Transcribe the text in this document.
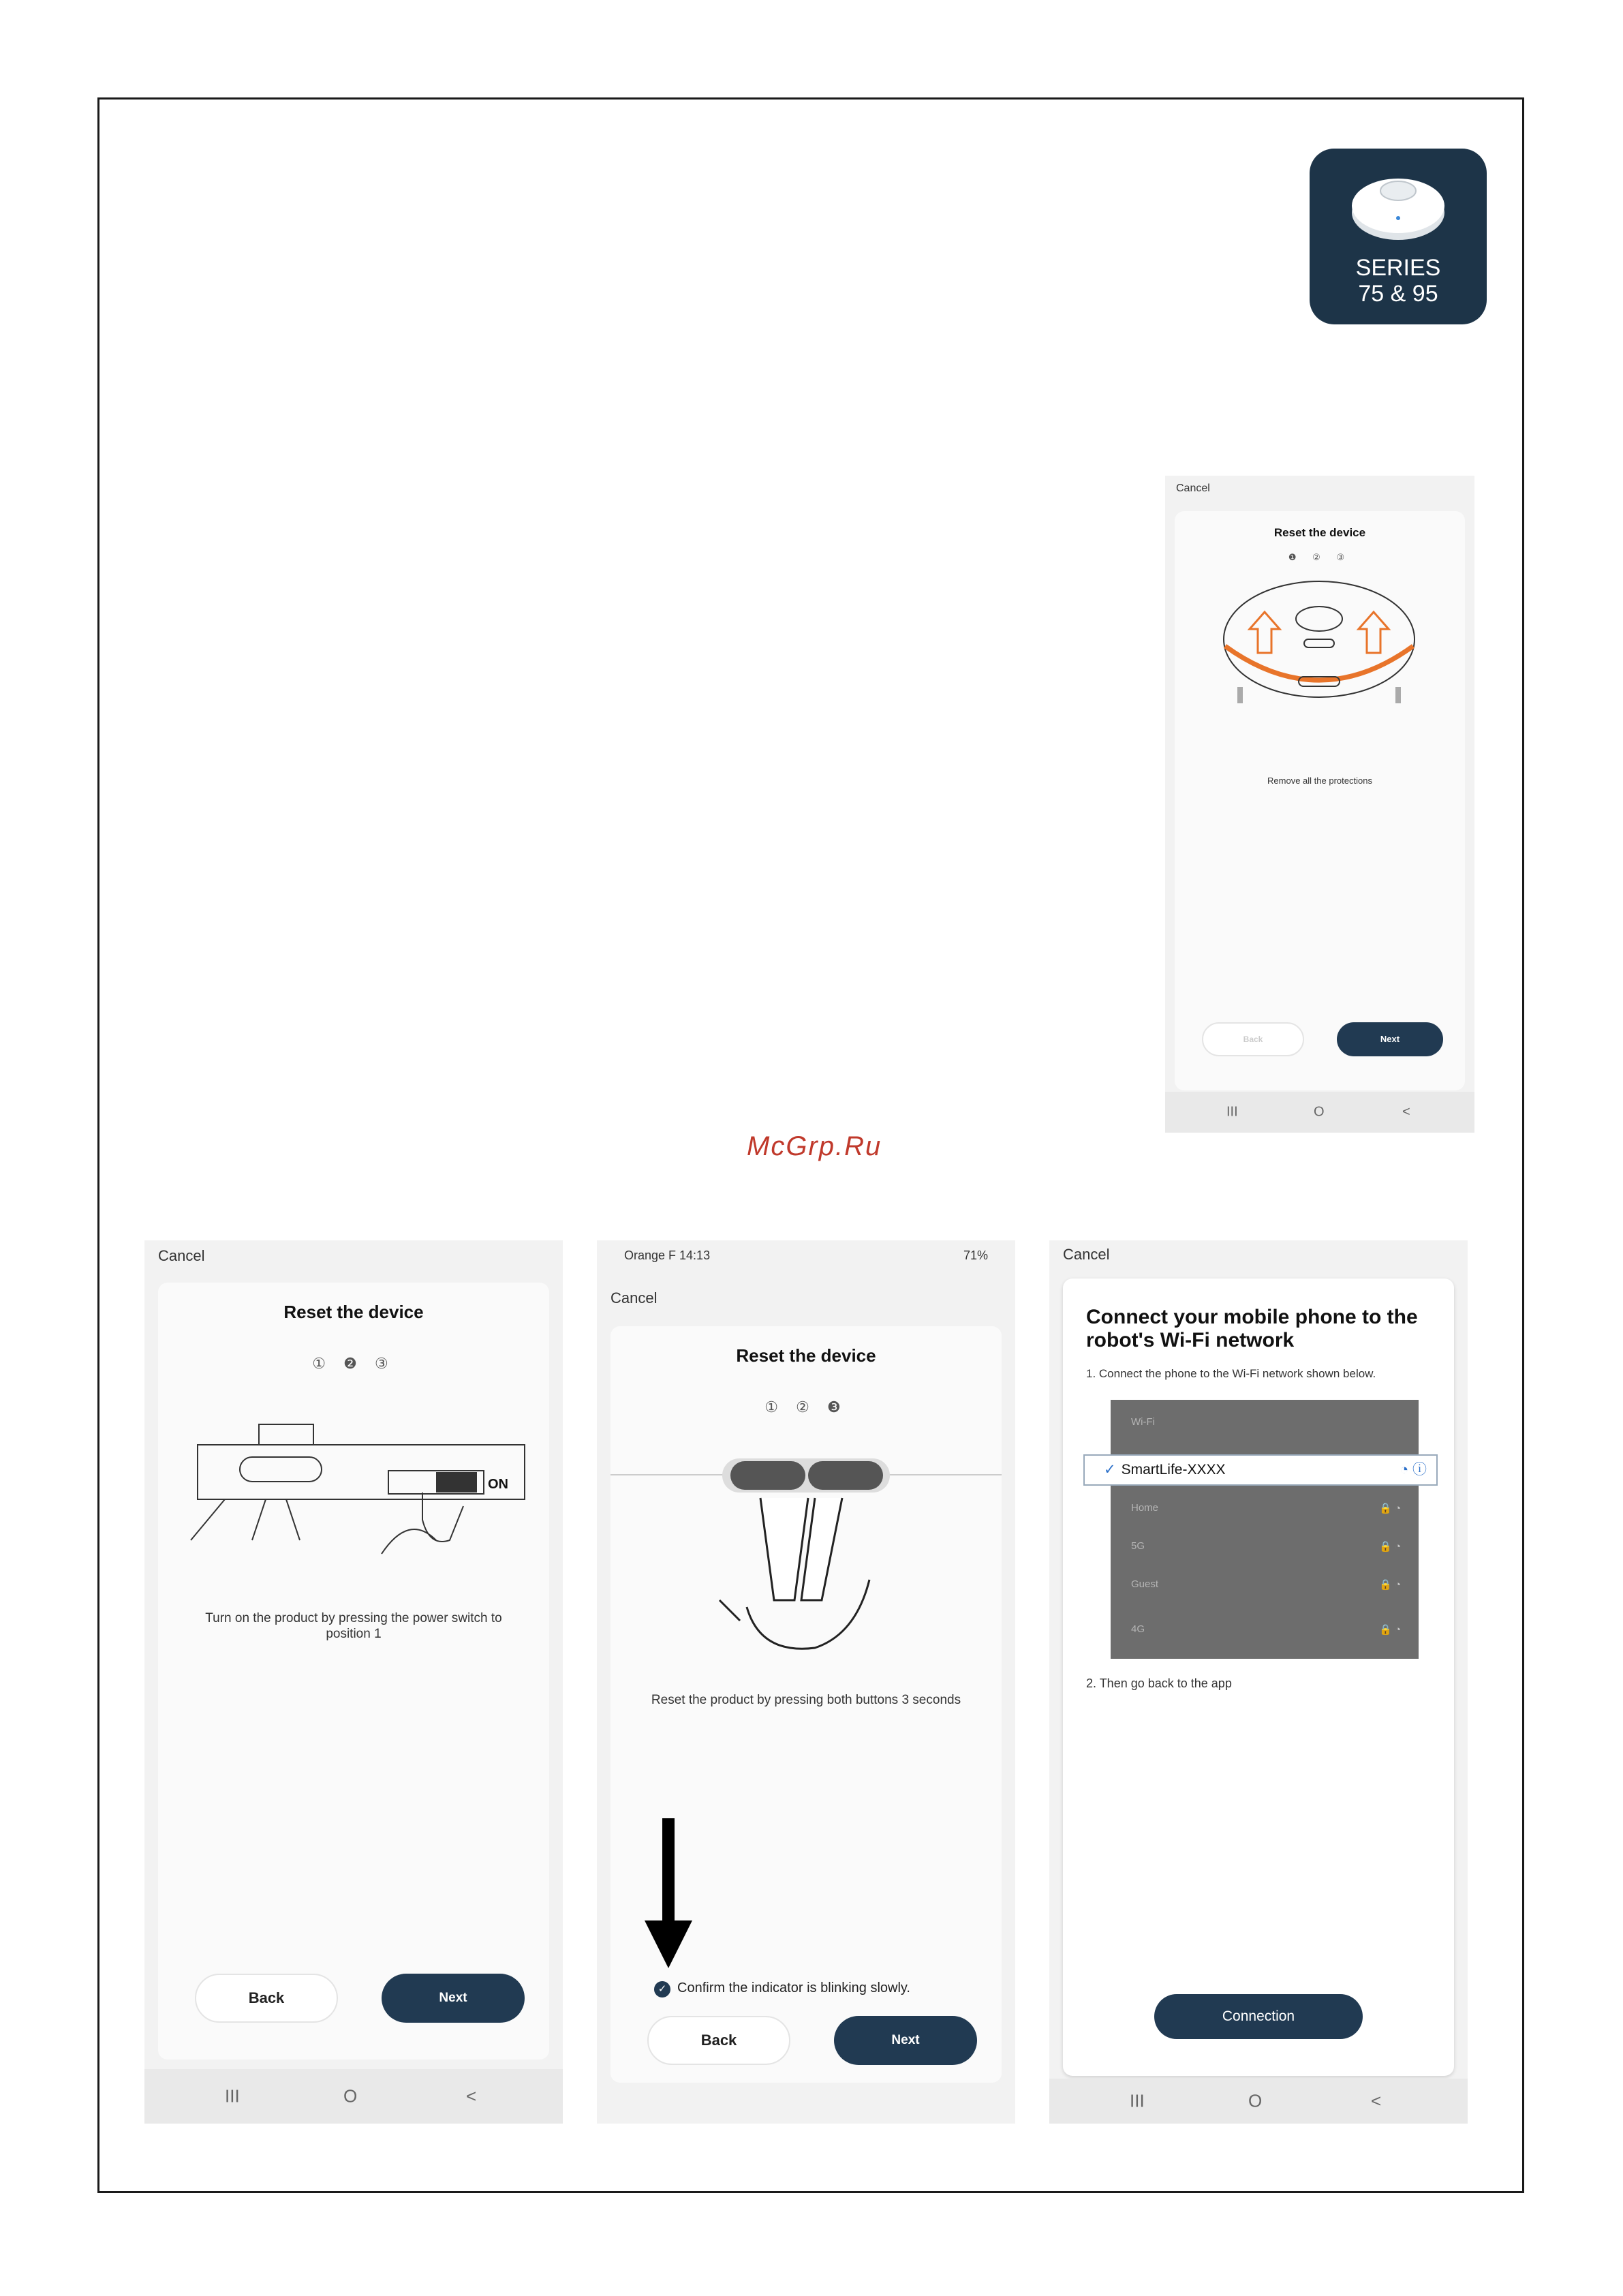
SERIES
75 & 95
Cancel
Reset the device
❶ ② ③
Remove all the protections
Back	Next
III	O	<
McGrp.Ru
Cancel
Reset the device
① ❷ ③
ON
Turn on the product by pressing the power switch to position 1
Back	Next
III	O	<
Orange F 14:13	71%
Cancel
Reset the device
① ② ❸
Reset the product by pressing both buttons 3 seconds
✓ Confirm the indicator is blinking slowly.
Back	Next
Cancel
Connect your mobile phone to the robot's Wi-Fi network
1. Connect the phone to the Wi-Fi network shown below.
Wi-Fi
Home	🔒 ◔
5G	🔒 ◔
Guest	🔒 ◔
4G	🔒 ◔
✓ SmartLife-XXXX	◔ ⓘ
2. Then go back to the app
Connection
III	O	<
